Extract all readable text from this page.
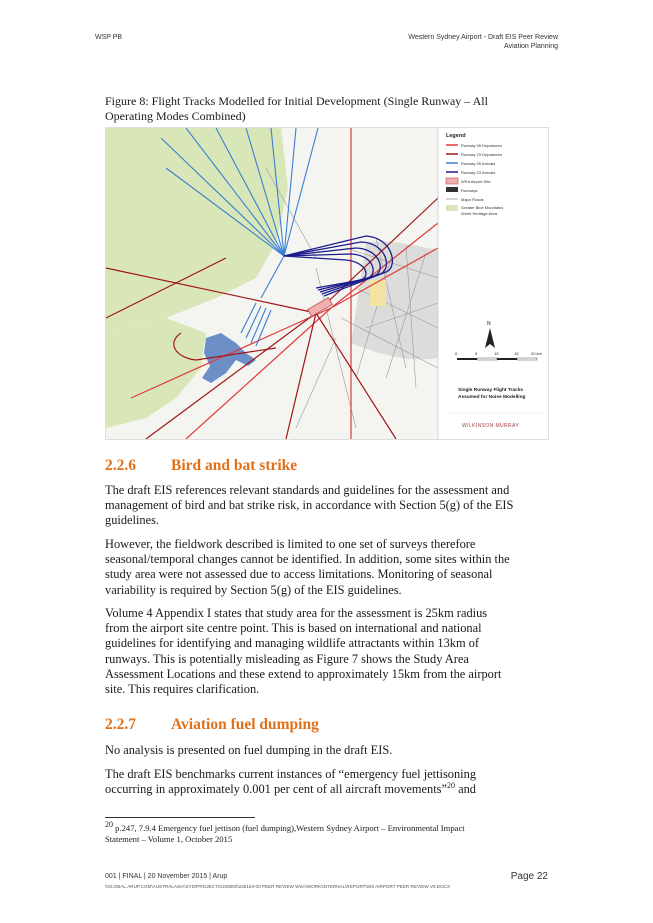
WSP PB	Western Sydney Airport - Draft EIS Peer Review
Aviation Planning
Figure 8: Flight Tracks Modelled for Initial Development (Single Runway – All
Operating Modes Combined)
Legend
Runway 05 Departures
Runway 23 Departures
Runway 05 Arrivals
Runway 23 Arrivals
WSA Airport Site
Runways
Major Roads
Greater Blue Mountains
World Heritage Area
N
0	5	10	15	20 km
Single Runway Flight Tracks
Assumed for Noise Modelling
WILKINSON MURRAY
2.2.6 Bird and bat strike
The draft EIS references relevant standards and guidelines for the assessment and
management of bird and bat strike risk, in accordance with Section 5(g) of the EIS
guidelines.
However, the fieldwork described is limited to one set of surveys therefore
seasonal/temporal changes cannot be identified. In addition, some sites within the
study area were not assessed due to access limitations. Monitoring of seasonal
variability is required by Section 5(g) of the EIS guidelines.
Volume 4 Appendix I states that study area for the assessment is 25km radius
from the airport site centre point. This is based on international and national
guidelines for identifying and managing wildlife attractants within 13km of
runways. This is potentially misleading as Figure 7 shows the Study Area
Assessment Locations and these extend to approximately 15km from the airport
site. This requires clarification.
2.2.7 Aviation fuel dumping
No analysis is presented on fuel dumping in the draft EIS.
The draft EIS benchmarks current instances of “emergency fuel jettisoning
occurring in approximately 0.001 per cent of all aircraft movements”$^{20}$ and
$^{20}$ p.247, 7.9.4 Emergency fuel jettison (fuel dumping),Western Sydney Airport – Environmental Impact
Statement – Volume 1, October 2015
001 | FINAL | 20 November 2015 | Arup	Page 22
\\GLOBAL.ARUP.COM\AUSTRALASIA\SYD\PROJECTS\246000\246163-00 PEER REVIEW WSA\WORK\INTERNAL\REPORT\WS AIRPORT PEER REVIEW V8.DOCX
